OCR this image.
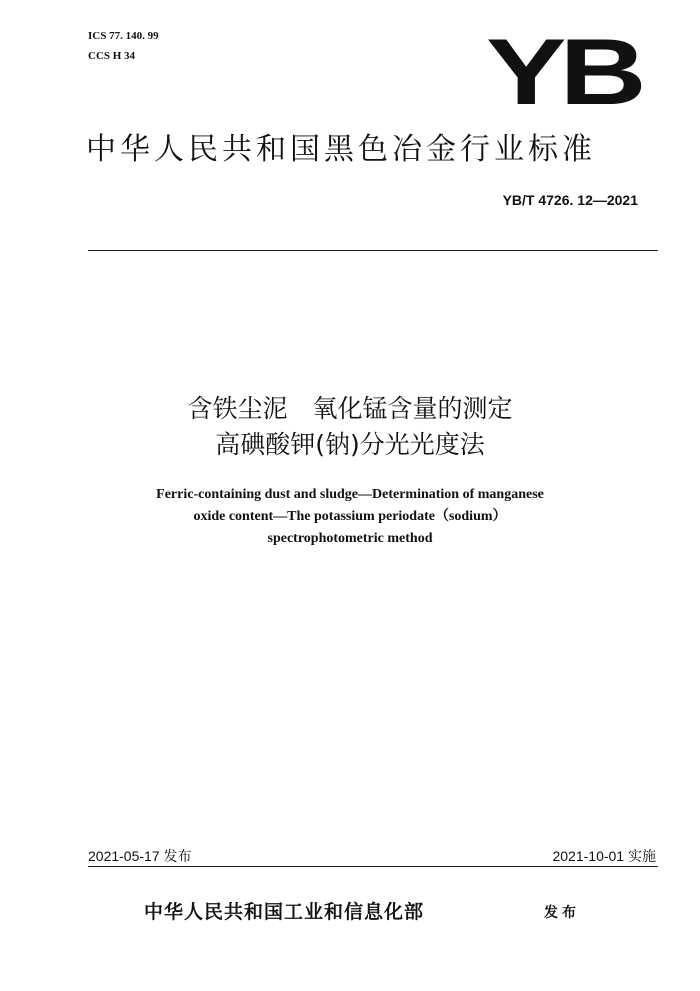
ICS 77. 140. 99
CCS H 34	YB
中华人民共和国黑色冶金行业标准
YB/T 4726. 12—2021
含铁尘泥　氧化锰含量的测定
高碘酸钾(钠)分光光度法
Ferric-containing dust and sludge—Determination of manganese
oxide content—The potassium periodate（sodium）
spectrophotometric method
2021-05-17 发布	2021-10-01 实施
中华人民共和国工业和信息化部	发布
